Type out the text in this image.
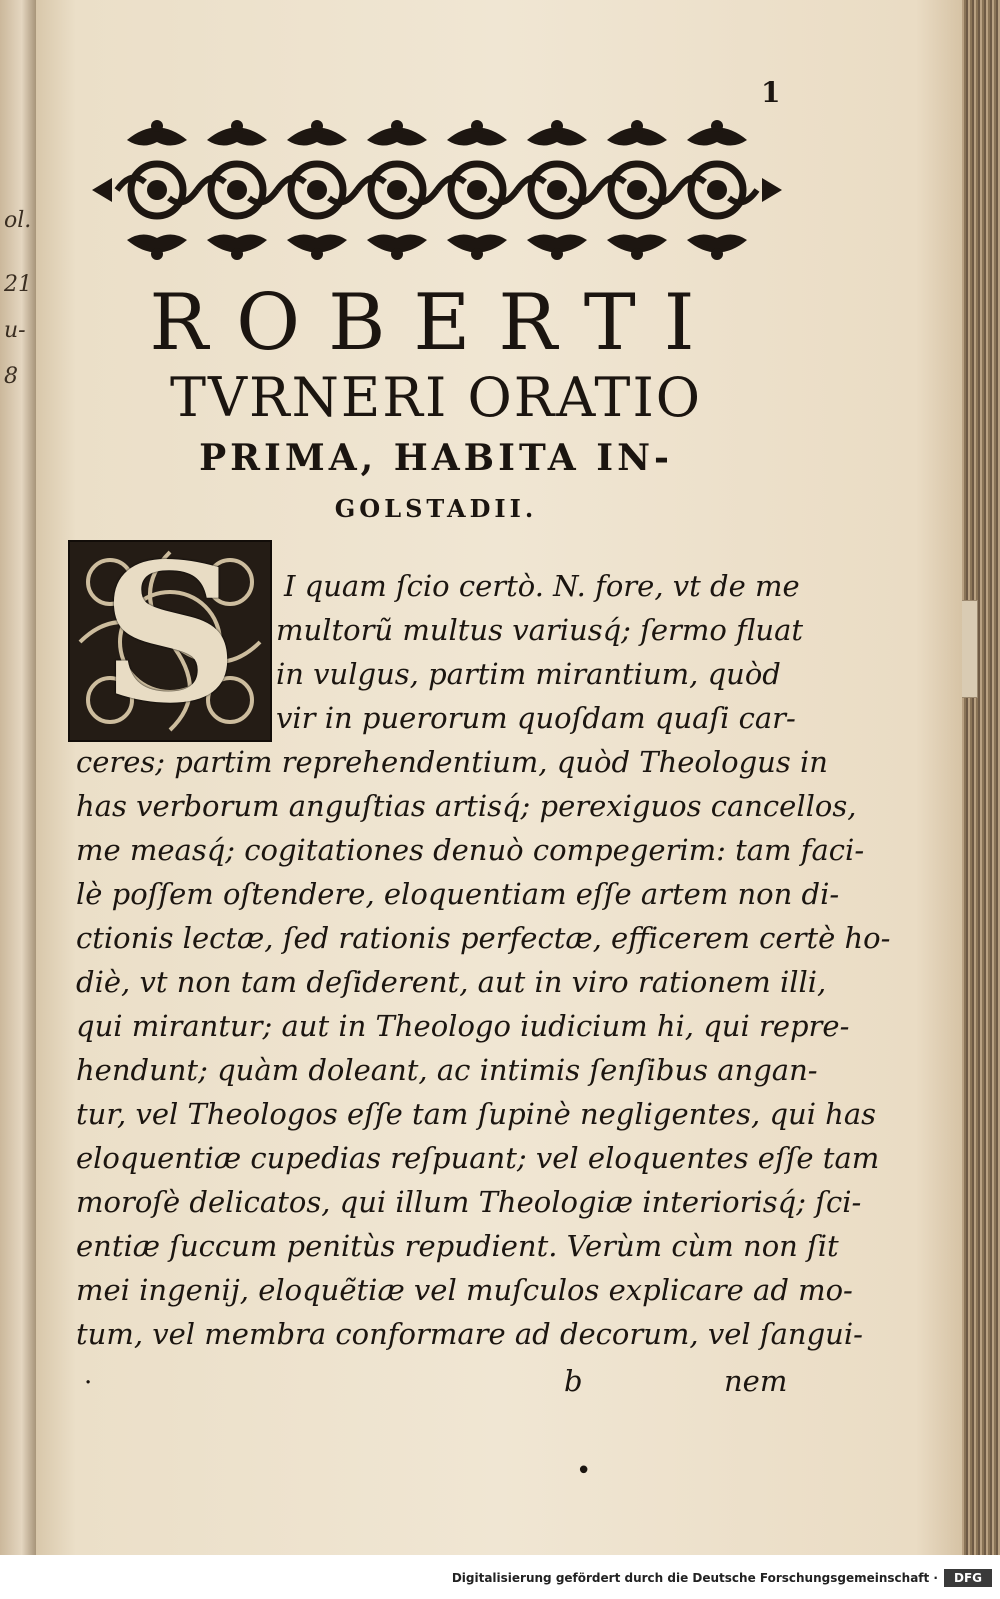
ol.
21
u-
8
1
ROBERTI
TVRNERI ORATIO
PRIMA, HABITA IN-
GOLSTADII.
S	I quam ſcio certò. N. fore, vt de me
multorũ multus variusq́; ſermo fluat
in vulgus, partim mirantium, quòd
vir in puerorum quoſdam quaſi car-
ceres; partim reprehendentium, quòd Theologus in
has verborum anguſtias artisq́; perexiguos cancellos,
me measq́; cogitationes denuò compegerim: tam faci-
lè poſſem oſtendere, eloquentiam eſſe artem non di-
ctionis lectæ, ſed rationis perfectæ, efficerem certè ho-
diè, vt non tam deſiderent, aut in viro rationem illi,
qui mirantur; aut in Theologo iudicium hi, qui repre-
hendunt; quàm doleant, ac intimis ſenſibus angan-
tur, vel Theologos eſſe tam ſupinè negligentes, qui has
eloquentiæ cupedias reſpuant; vel eloquentes eſſe tam
moroſè delicatos, qui illum Theologiæ interiorisq́; ſci-
entiæ ſuccum penitùs repudient. Verùm cùm non ſit
mei ingenij, eloquẽtiæ vel muſculos explicare ad mo-
tum, vel membra conformare ad decorum, vel ſangui-
·	b	nem
•
Digitalisierung gefördert durch die Deutsche Forschungsgemeinschaft ·	DFG
